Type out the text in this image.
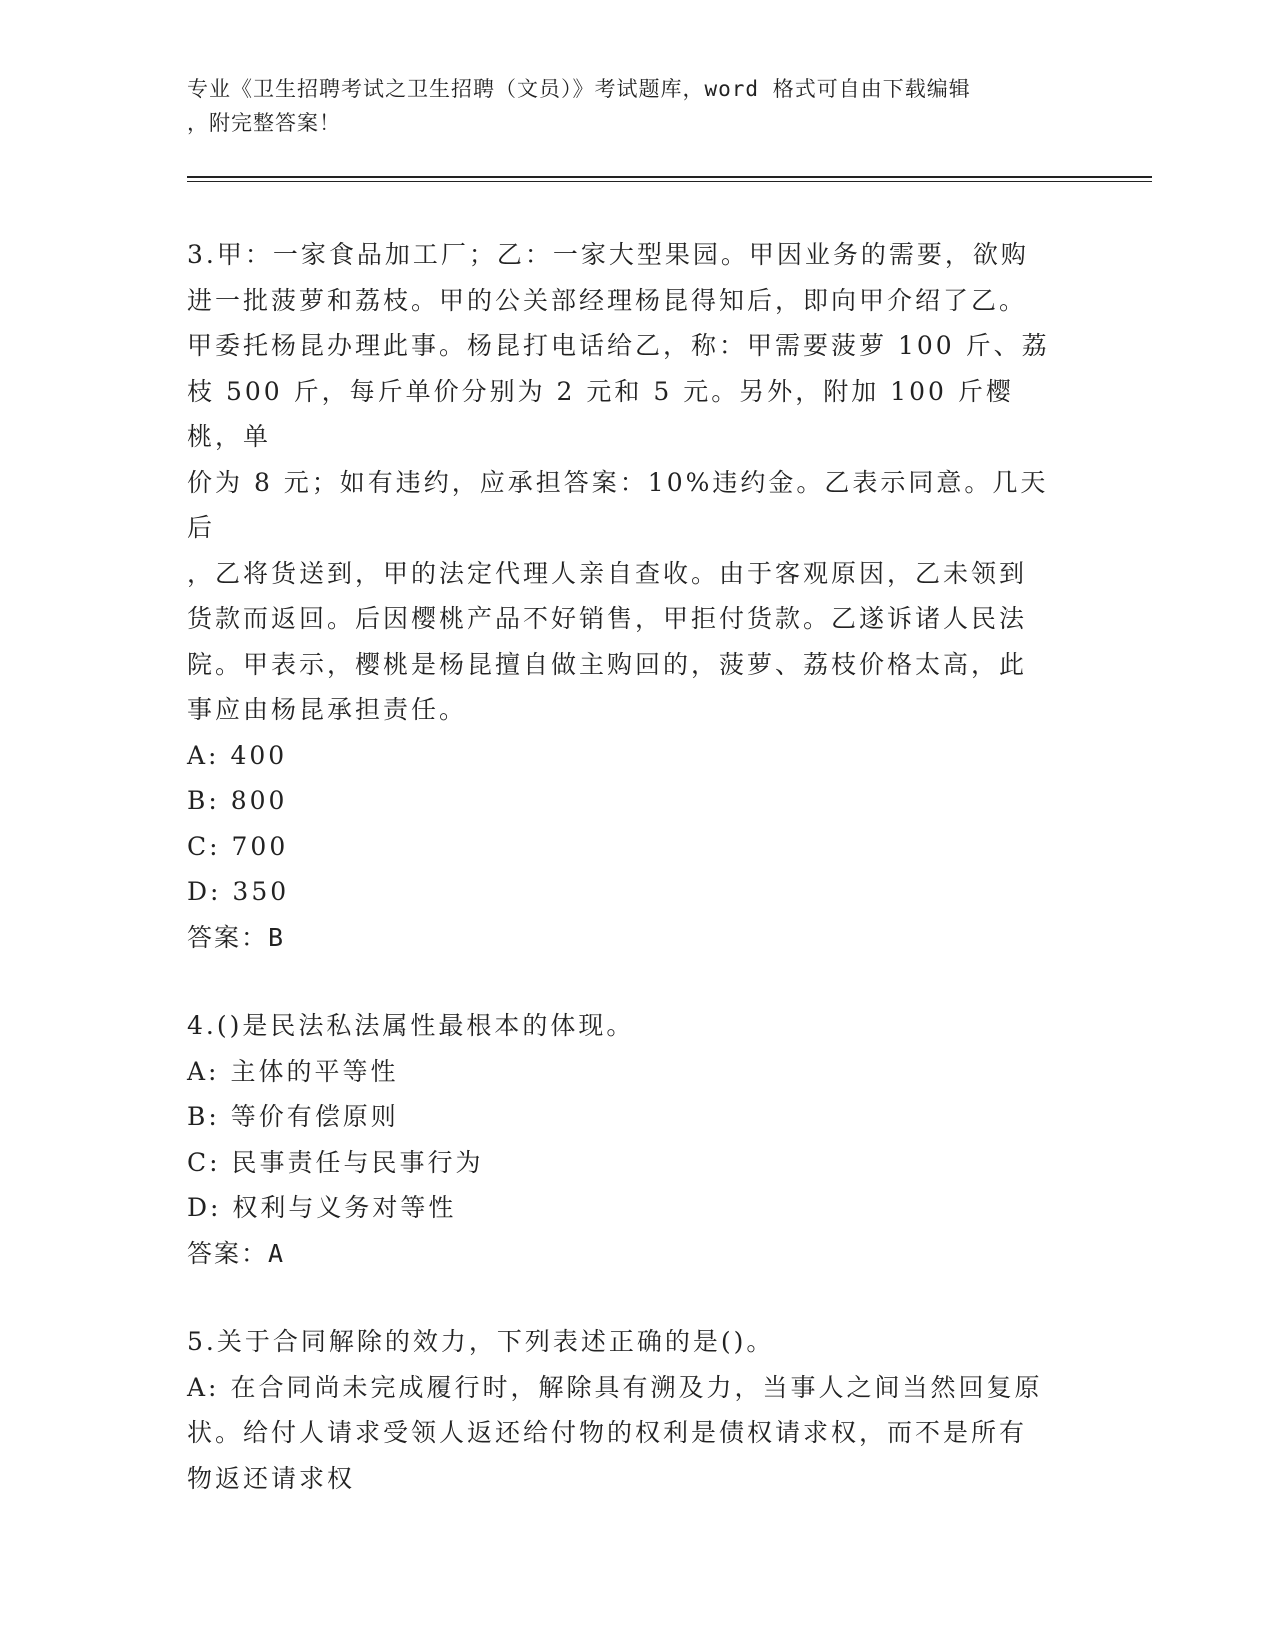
专业《卫生招聘考试之卫生招聘（文员）》考试题库，word 格式可自由下载编辑
，附完整答案！

3.甲：一家食品加工厂；乙：一家大型果园。甲因业务的需要，欲购

进一批菠萝和荔枝。甲的公关部经理杨昆得知后，即向甲介绍了乙。

甲委托杨昆办理此事。杨昆打电话给乙，称：甲需要菠萝 100 斤、荔

枝 500 斤，每斤单价分别为 2 元和 5 元。另外，附加 100 斤樱桃，单

价为 8 元；如有违约，应承担答案：10%违约金。乙表示同意。几天后

，乙将货送到，甲的法定代理人亲自查收。由于客观原因，乙未领到

货款而返回。后因樱桃产品不好销售，甲拒付货款。乙遂诉诸人民法

院。甲表示，樱桃是杨昆擅自做主购回的，菠萝、荔枝价格太高，此

事应由杨昆承担责任。

A: 400

B: 800

C: 700

D: 350

答案：B

4.()是民法私法属性最根本的体现。

A: 主体的平等性

B: 等价有偿原则

C: 民事责任与民事行为

D: 权利与义务对等性

答案：A

5.关于合同解除的效力，下列表述正确的是()。

A: 在合同尚未完成履行时，解除具有溯及力，当事人之间当然回复原

状。给付人请求受领人返还给付物的权利是债权请求权，而不是所有

物返还请求权
